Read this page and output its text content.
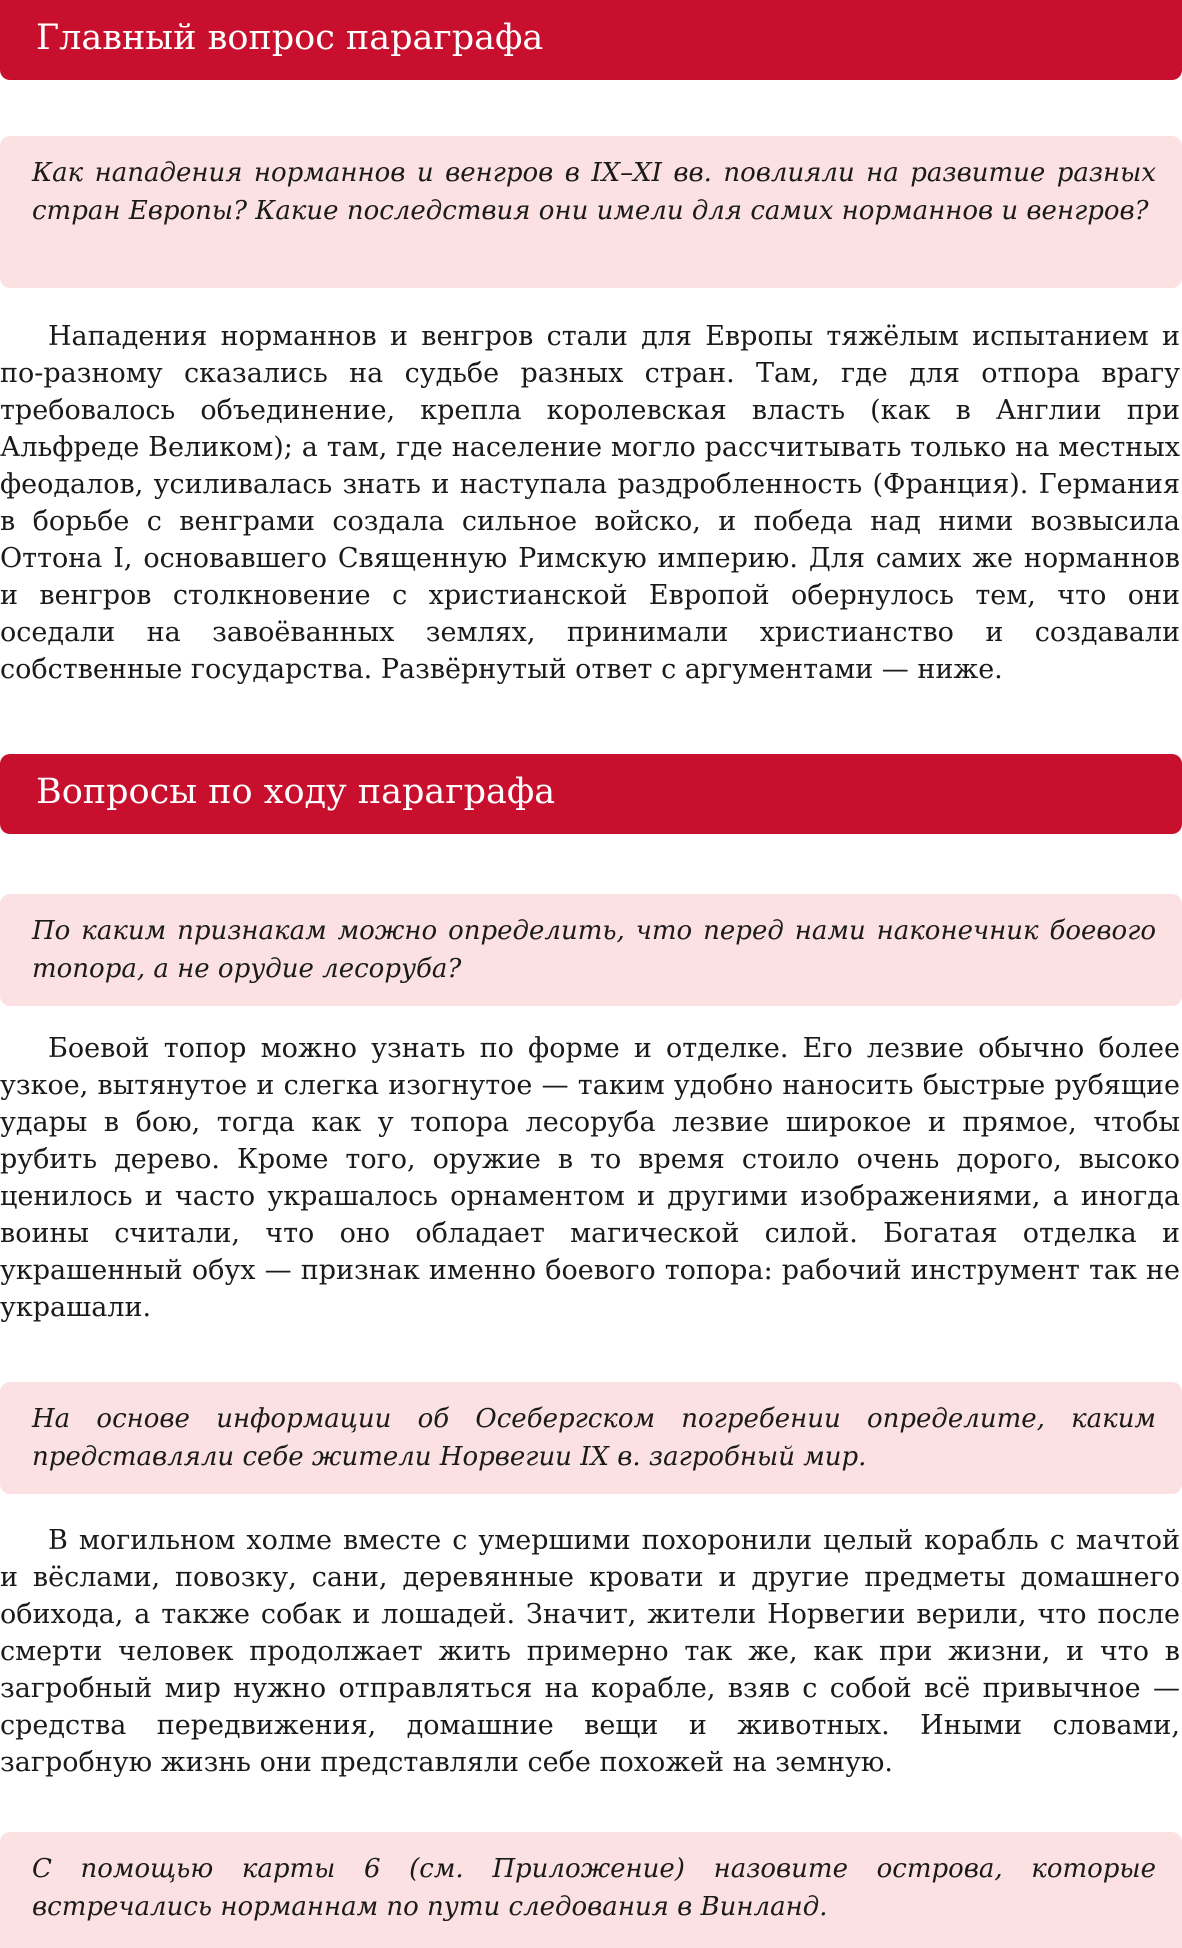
Главный вопрос параграфа
Как нападения норманнов и венгров в IX–XI вв. повлияли на развитие разных стран Европы? Какие последствия они имели для самих норманнов и венгров?
Нападения норманнов и венгров стали для Европы тяжёлым испытанием и по-разному сказались на судьбе разных стран. Там, где для отпора врагу требовалось объединение, крепла королевская власть (как в Англии при Альфреде Великом); а там, где население могло рассчитывать только на местных феодалов, усиливалась знать и наступала раздробленность (Франция). Германия в борьбе с венграми создала сильное войско, и победа над ними возвысила Оттона I, основавшего Священную Римскую империю. Для самих же норманнов и венгров столкновение с христианской Европой обернулось тем, что они оседали на завоёванных землях, принимали христианство и создавали собственные государства. Развёрнутый ответ с аргументами — ниже.
Вопросы по ходу параграфа
По каким признакам можно определить, что перед нами наконечник боевого топора, а не орудие лесоруба?
Боевой топор можно узнать по форме и отделке. Его лезвие обычно более узкое, вытянутое и слегка изогнутое — таким удобно наносить быстрые рубящие удары в бою, тогда как у топора лесоруба лезвие широкое и прямое, чтобы рубить дерево. Кроме того, оружие в то время стоило очень дорого, высоко ценилось и часто украшалось орнаментом и другими изображениями, а иногда воины считали, что оно обладает магической силой. Богатая отделка и украшенный обух — признак именно боевого топора: рабочий инструмент так не украшали.
На основе информации об Осебергском погребении определите, каким представляли себе жители Норвегии IX в. загробный мир.
В могильном холме вместе с умершими похоронили целый корабль с мачтой и вёслами, повозку, сани, деревянные кровати и другие предметы домашнего обихода, а также собак и лошадей. Значит, жители Норвегии верили, что после смерти человек продолжает жить примерно так же, как при жизни, и что в загробный мир нужно отправляться на корабле, взяв с собой всё привычное — средства передвижения, домашние вещи и животных. Иными словами, загробную жизнь они представляли себе похожей на земную.
С помощью карты 6 (см. Приложение) назовите острова, которые встречались норманнам по пути следования в Винланд.
